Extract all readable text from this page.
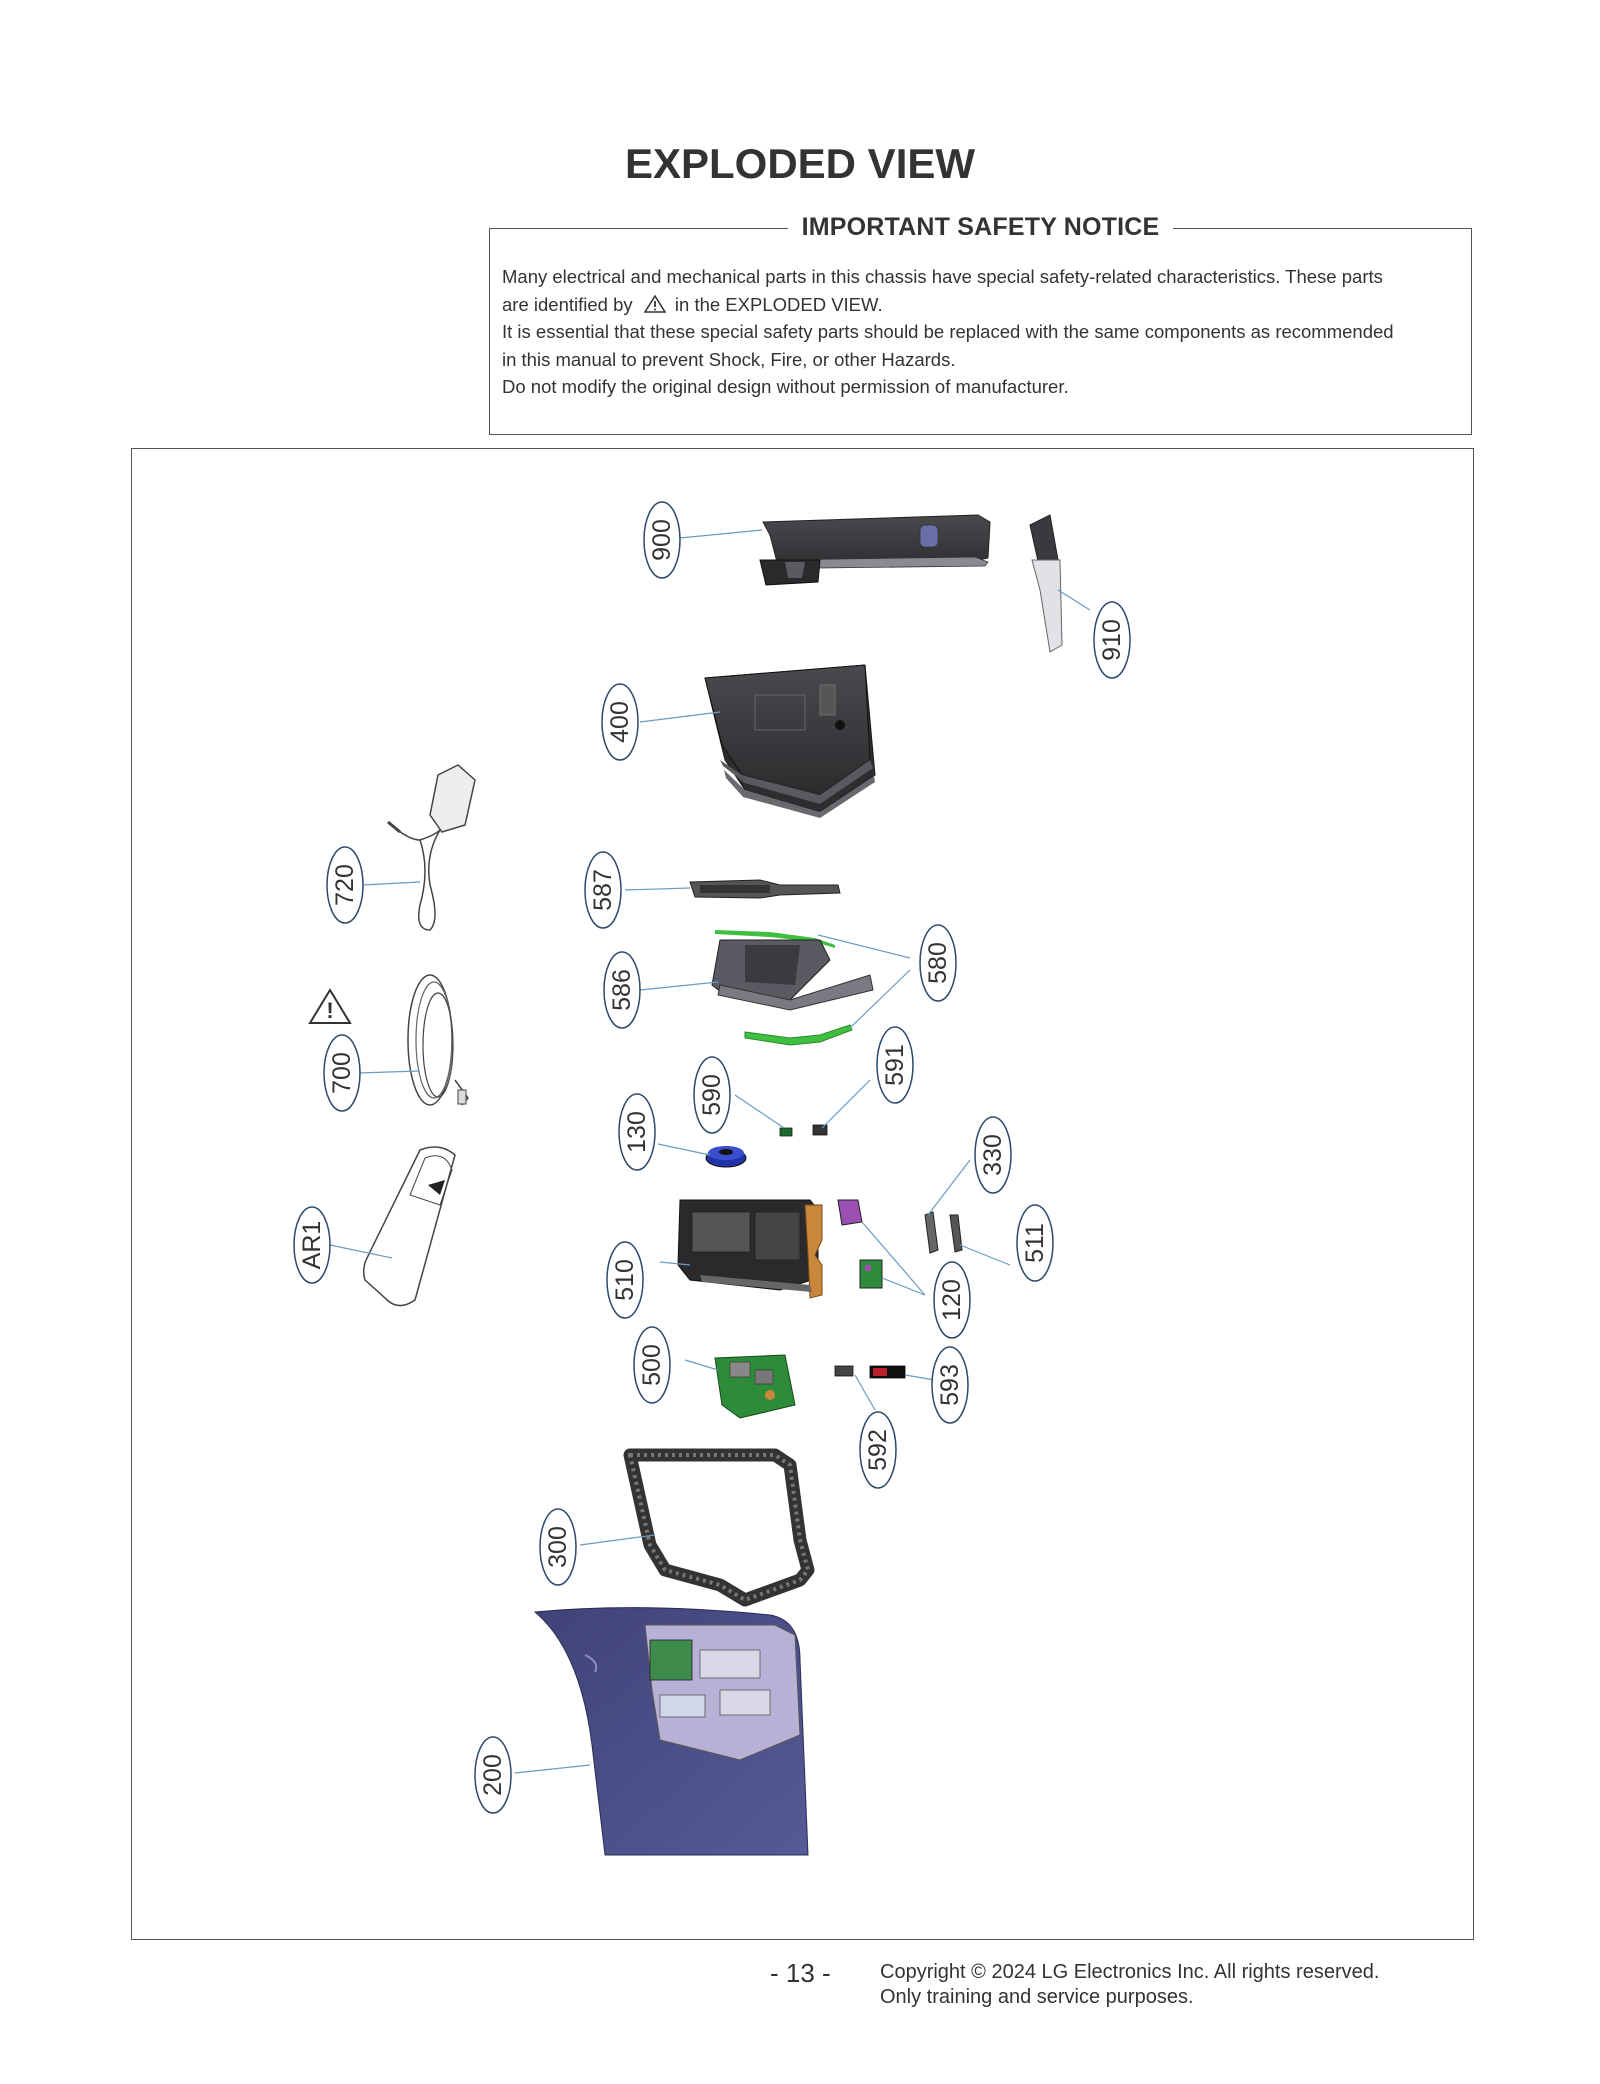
EXPLODED VIEW
IMPORTANT SAFETY NOTICE

Many electrical and mechanical parts in this chassis have special safety-related characteristics. These parts

are identified by  in the EXPLODED VIEW.

It is essential that these special safety parts should be replaced with the same components as recommended

in this manual to prevent Shock, Fire, or other Hazards.

Do not modify the original design without permission of manufacturer.

900
910
400
720	587
580
586
700
!
591
590
130
330
AR1	511
510	120
500	593
592
300
200
- 13 - Copyright © 2024 LG Electronics Inc. All rights reserved.
Only training and service purposes.
